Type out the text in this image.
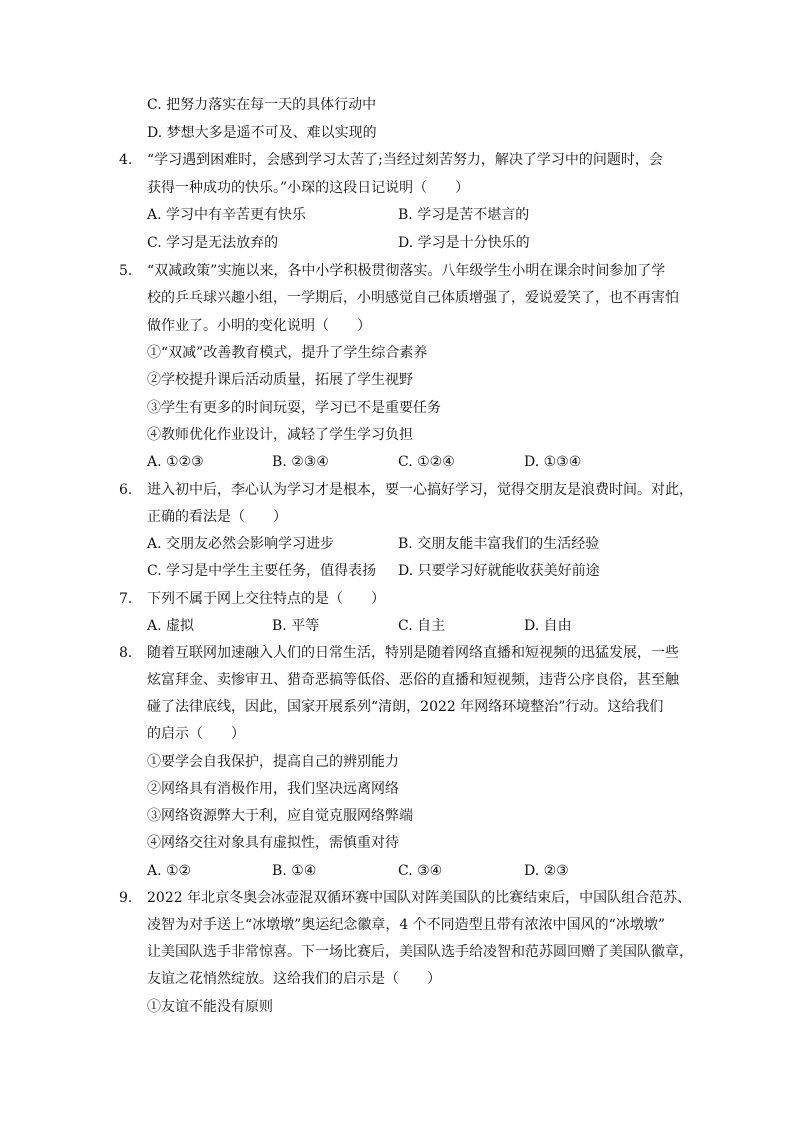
C. 把努力落实在每一天的具体行动中
D. 梦想大多是遥不可及、难以实现的
4. “学习遇到困难时，会感到学习太苦了;当经过刻苦努力，解决了学习中的问题时，会
获得一种成功的快乐。”小琛的这段日记说明（　　）
A. 学习中有辛苦更有快乐	B. 学习是苦不堪言的
C. 学习是无法放弃的	D. 学习是十分快乐的
5. “双减政策”实施以来，各中小学积极贯彻落实。八年级学生小明在课余时间参加了学
校的乒乓球兴趣小组，一学期后，小明感觉自己体质增强了，爱说爱笑了，也不再害怕
做作业了。小明的变化说明（　　）
①“双减”改善教育模式，提升了学生综合素养
②学校提升课后活动质量，拓展了学生视野
③学生有更多的时间玩耍，学习已不是重要任务
④教师优化作业设计，减轻了学生学习负担
A. ①②③	B. ②③④	C. ①②④	D. ①③④
6. 进入初中后，李心认为学习才是根本，要一心搞好学习，觉得交朋友是浪费时间。对此，
正确的看法是（　　）
A. 交朋友必然会影响学习进步	B. 交朋友能丰富我们的生活经验
C. 学习是中学生主要任务，值得表扬 D. 只要学习好就能收获美好前途
7. 下列不属于网上交往特点的是（　　）
A. 虚拟	B. 平等	C. 自主	D. 自由
8. 随着互联网加速融入人们的日常生活，特别是随着网络直播和短视频的迅猛发展，一些
炫富拜金、卖惨审丑、猎奇恶搞等低俗、恶俗的直播和短视频，违背公序良俗，甚至触
碰了法律底线，因此，国家开展系列“清朗，2022 年网络环境整治”行动。这给我们
的启示（　　）
①要学会自我保护，提高自己的辨别能力
②网络具有消极作用，我们坚决远离网络
③网络资源弊大于利，应自觉克服网络弊端
④网络交往对象具有虚拟性，需慎重对待
A. ①②	B. ①④	C. ③④	D. ②③
9. 2022 年北京冬奥会冰壶混双循环赛中国队对阵美国队的比赛结束后，中国队组合范苏、
凌智为对手送上“冰墩墩”奥运纪念徽章，4 个不同造型且带有浓浓中国风的“冰墩墩”
让美国队选手非常惊喜。下一场比赛后，美国队选手给凌智和范苏圆回赠了美国队徽章，
友谊之花悄然绽放。这给我们的启示是（　　）
①友谊不能没有原则
